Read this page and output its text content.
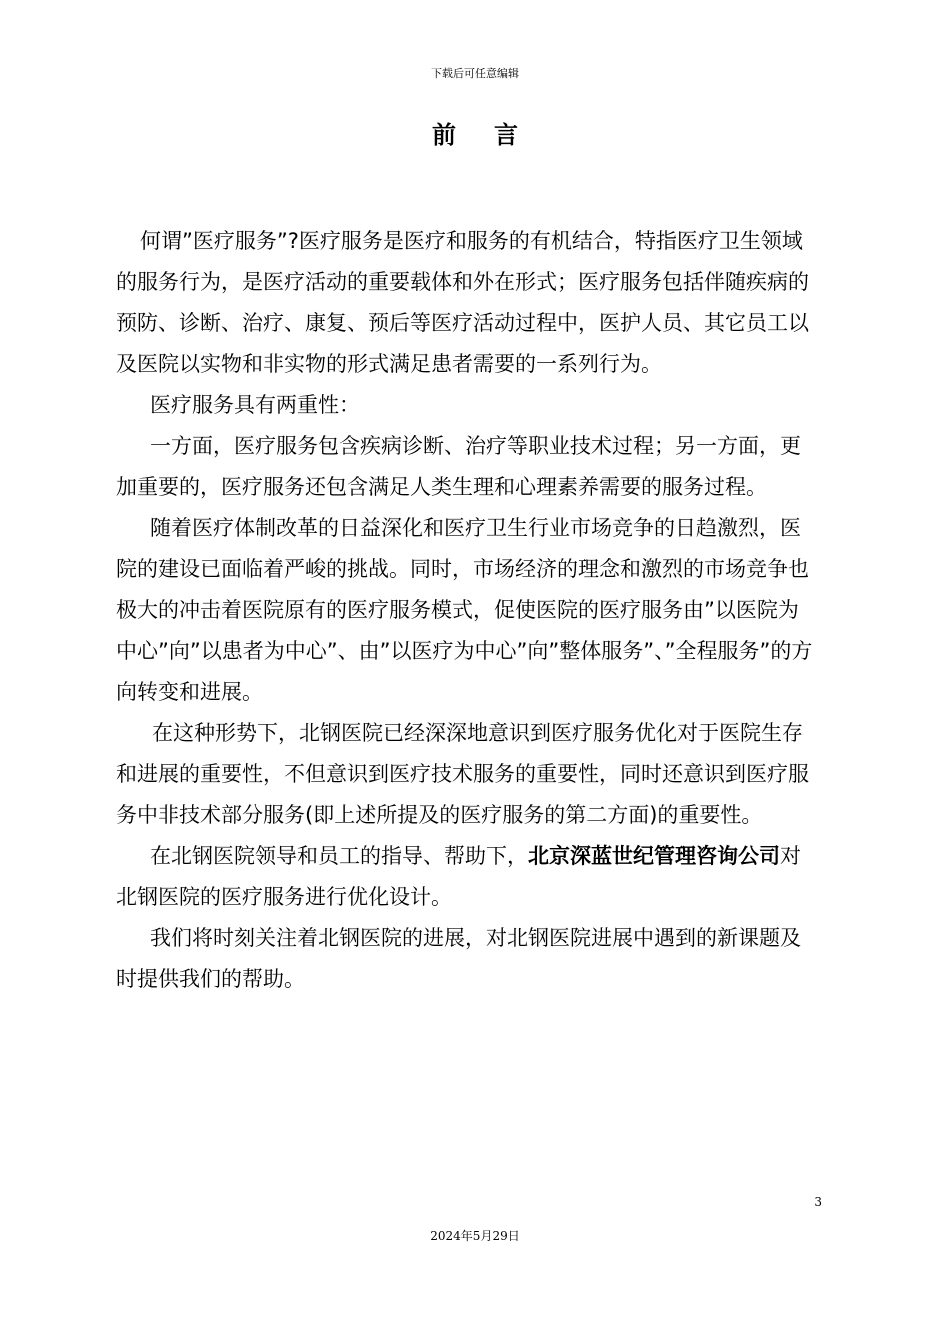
下载后可任意编辑
前言

何谓”医疗服务”?医疗服务是医疗和服务的有机结合，特指医疗卫生领域的服务行为，是医疗活动的重要载体和外在形式；医疗服务包括伴随疾病的预防、诊断、治疗、康复、预后等医疗活动过程中，医护人员、其它员工以及医院以实物和非实物的形式满足患者需要的一系列行为。

医疗服务具有两重性：

一方面，医疗服务包含疾病诊断、治疗等职业技术过程；另一方面，更加重要的，医疗服务还包含满足人类生理和心理素养需要的服务过程。

随着医疗体制改革的日益深化和医疗卫生行业市场竞争的日趋激烈，医院的建设已面临着严峻的挑战。同时，市场经济的理念和激烈的市场竞争也极大的冲击着医院原有的医疗服务模式，促使医院的医疗服务由”以医院为中心”向”以患者为中心”、由”以医疗为中心”向”整体服务”、”全程服务”的方向转变和进展。

在这种形势下，北钢医院已经深深地意识到医疗服务优化对于医院生存和进展的重要性，不但意识到医疗技术服务的重要性，同时还意识到医疗服务中非技术部分服务(即上述所提及的医疗服务的第二方面)的重要性。

在北钢医院领导和员工的指导、帮助下，北京深蓝世纪管理咨询公司对北钢医院的医疗服务进行优化设计。

我们将时刻关注着北钢医院的进展，对北钢医院进展中遇到的新课题及时提供我们的帮助。

3
2024年5月29日
